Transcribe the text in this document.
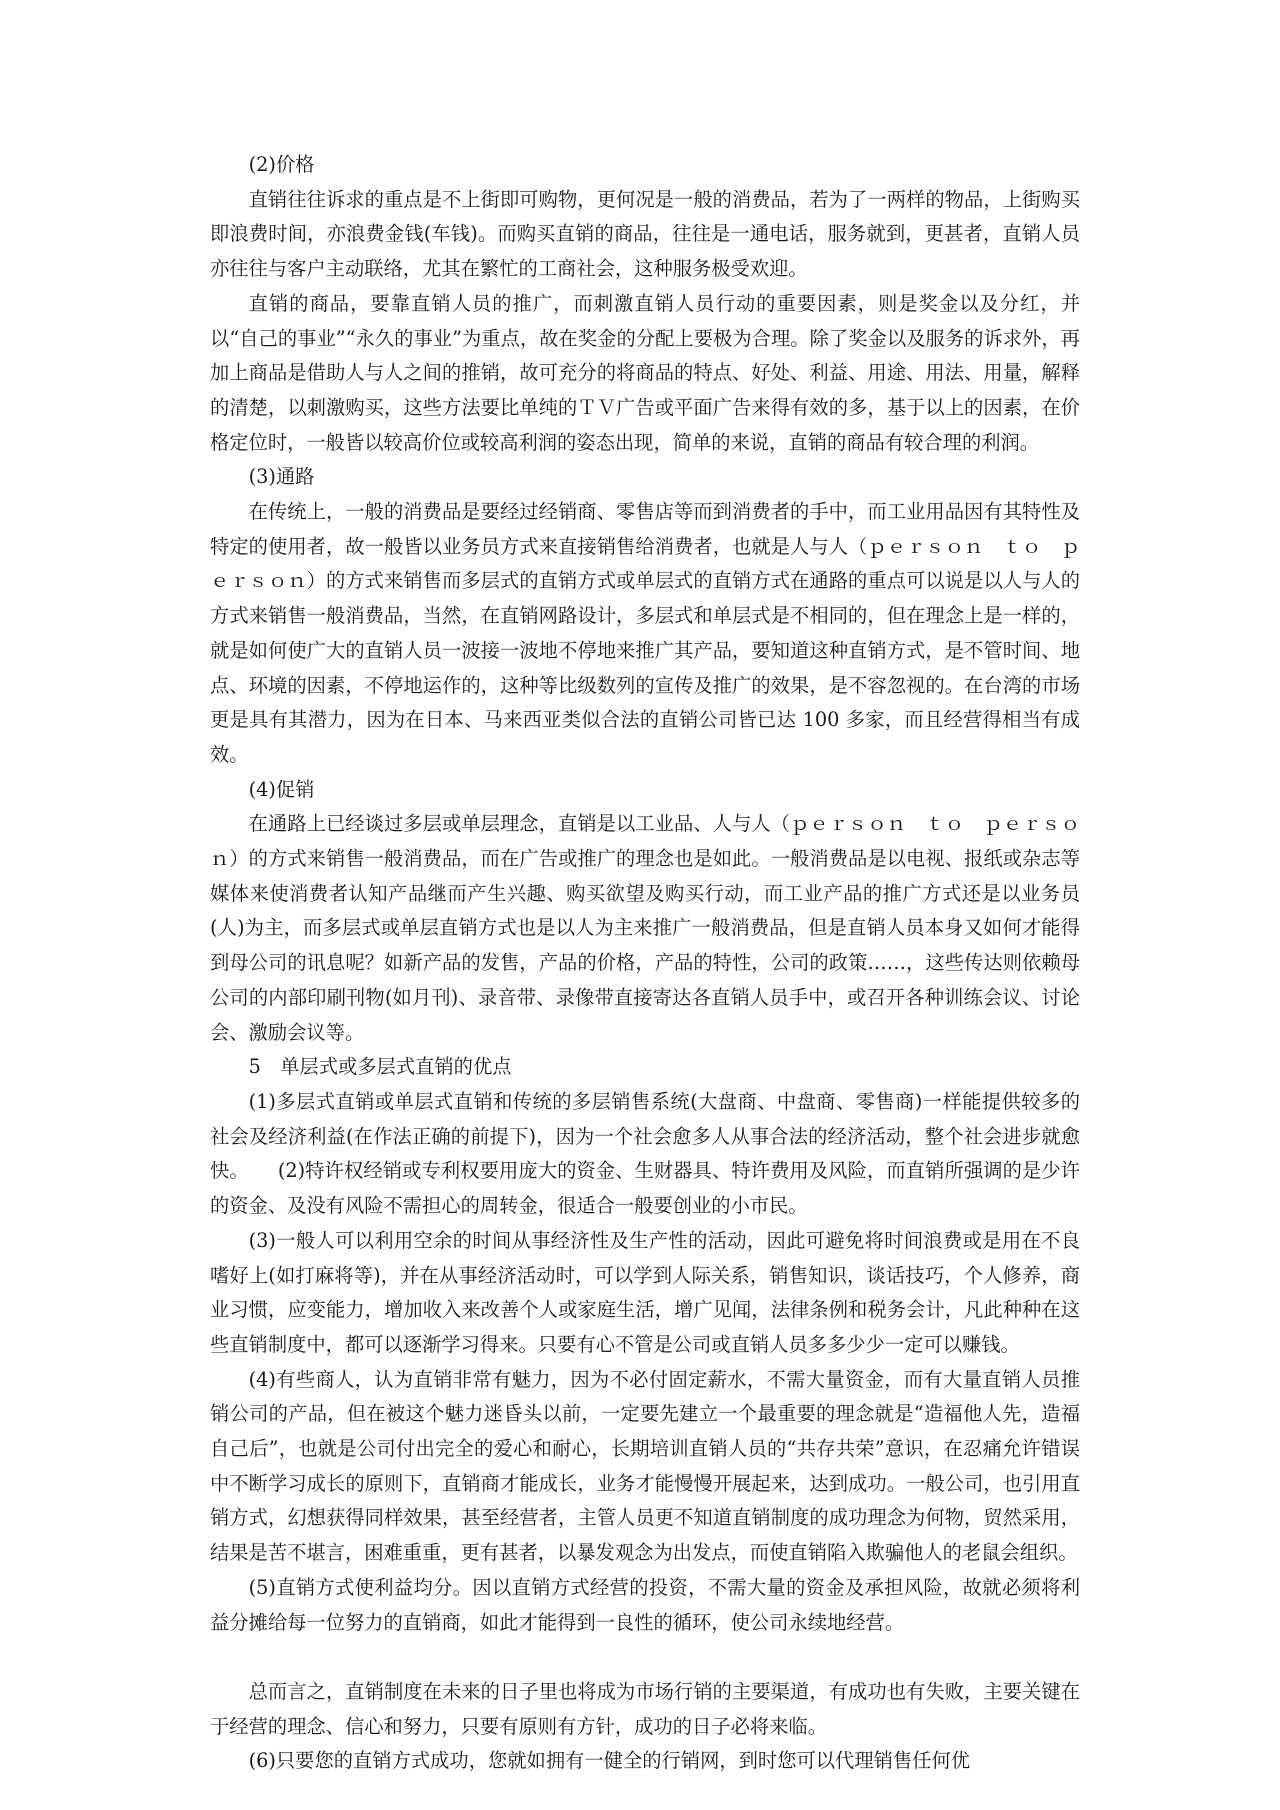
(2)价格

直销往往诉求的重点是不上街即可购物，更何况是一般的消费品，若为了一两样的物品，上街购买即浪费时间，亦浪费金钱(车钱)。而购买直销的商品，往往是一通电话，服务就到，更甚者，直销人员亦往往与客户主动联络，尤其在繁忙的工商社会，这种服务极受欢迎。

直销的商品，要靠直销人员的推广，而刺激直销人员行动的重要因素，则是奖金以及分红，并以“自己的事业”“永久的事业”为重点，故在奖金的分配上要极为合理。除了奖金以及服务的诉求外，再加上商品是借助人与人之间的推销，故可充分的将商品的特点、好处、利益、用途、用法、用量，解释的清楚，以刺激购买，这些方法要比单纯的ＴＶ广告或平面广告来得有效的多，基于以上的因素，在价格定位时，一般皆以较高价位或较高利润的姿态出现，简单的来说，直销的商品有较合理的利润。

(3)通路

在传统上，一般的消费品是要经过经销商、零售店等而到消费者的手中，而工业用品因有其特性及特定的使用者，故一般皆以业务员方式来直接销售给消费者，也就是人与人（ｐｅｒｓｏｎ　ｔｏ　ｐｅｒｓｏｎ）的方式来销售而多层式的直销方式或单层式的直销方式在通路的重点可以说是以人与人的方式来销售一般消费品，当然，在直销网路设计，多层式和单层式是不相同的，但在理念上是一样的，就是如何使广大的直销人员一波接一波地不停地来推广其产品，要知道这种直销方式，是不管时间、地点、环境的因素，不停地运作的，这种等比级数列的宣传及推广的效果，是不容忽视的。在台湾的市场更是具有其潜力，因为在日本、马来西亚类似合法的直销公司皆已达 100 多家，而且经营得相当有成效。

(4)促销

在通路上已经谈过多层或单层理念，直销是以工业品、人与人（ｐｅｒｓｏｎ　ｔｏ　ｐｅｒｓｏｎ）的方式来销售一般消费品，而在广告或推广的理念也是如此。一般消费品是以电视、报纸或杂志等媒体来使消费者认知产品继而产生兴趣、购买欲望及购买行动，而工业产品的推广方式还是以业务员(人)为主，而多层式或单层直销方式也是以人为主来推广一般消费品，但是直销人员本身又如何才能得到母公司的讯息呢？如新产品的发售，产品的价格，产品的特性，公司的政策……，这些传达则依赖母公司的内部印刷刊物(如月刊)、录音带、录像带直接寄达各直销人员手中，或召开各种训练会议、讨论会、激励会议等。

5　单层式或多层式直销的优点

(1)多层式直销或单层式直销和传统的多层销售系统(大盘商、中盘商、零售商)一样能提供较多的社会及经济利益(在作法正确的前提下)，因为一个社会愈多人从事合法的经济活动，整个社会进步就愈快。　　(2)特许权经销或专利权要用庞大的资金、生财器具、特许费用及风险，而直销所强调的是少许的资金、及没有风险不需担心的周转金，很适合一般要创业的小市民。

(3)一般人可以利用空余的时间从事经济性及生产性的活动，因此可避免将时间浪费或是用在不良嗜好上(如打麻将等)，并在从事经济活动时，可以学到人际关系，销售知识，谈话技巧，个人修养，商业习惯，应变能力，增加收入来改善个人或家庭生活，增广见闻，法律条例和税务会计，凡此种种在这些直销制度中，都可以逐渐学习得来。只要有心不管是公司或直销人员多多少少一定可以赚钱。

(4)有些商人，认为直销非常有魅力，因为不必付固定薪水，不需大量资金，而有大量直销人员推销公司的产品，但在被这个魅力迷昏头以前，一定要先建立一个最重要的理念就是“造福他人先，造福自己后”，也就是公司付出完全的爱心和耐心，长期培训直销人员的“共存共荣”意识，在忍痛允许错误中不断学习成长的原则下，直销商才能成长，业务才能慢慢开展起来，达到成功。一般公司，也引用直销方式，幻想获得同样效果，甚至经营者，主管人员更不知道直销制度的成功理念为何物，贸然采用，结果是苦不堪言，困难重重，更有甚者，以暴发观念为出发点，而使直销陷入欺骗他人的老鼠会组织。

(5)直销方式使利益均分。因以直销方式经营的投资，不需大量的资金及承担风险，故就必须将利益分摊给每一位努力的直销商，如此才能得到一良性的循环，使公司永续地经营。

总而言之，直销制度在未来的日子里也将成为市场行销的主要渠道，有成功也有失败，主要关键在于经营的理念、信心和努力，只要有原则有方针，成功的日子必将来临。

(6)只要您的直销方式成功，您就如拥有一健全的行销网，到时您可以代理销售任何优
